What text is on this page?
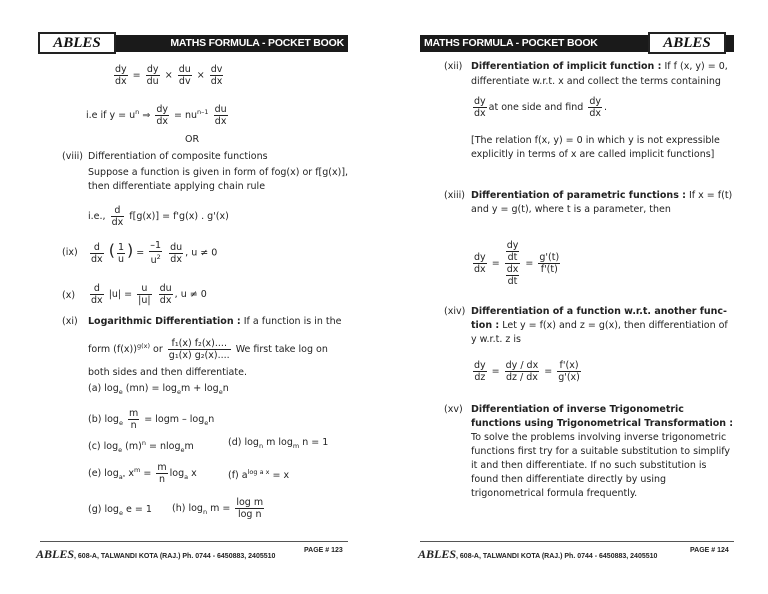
MATHS FORMULA - POCKET BOOK
ABLES
$\frac{dy}{dx} = \frac{dy}{du} \times \frac{du}{dv} \times \frac{dv}{dx}$
i.e if $y = u^n$ ⇒ $\frac{dy}{dx} = nu^{n-1} \frac{du}{dx}$
OR
(viii) Differentiation of composite functions
Suppose a function is given in form of fog(x) or f[g(x)], then differentiate applying chain rule
i.e., $\frac{d}{dx} f[g(x)] = f'g(x)$ . g'(x)
$(ix) \frac{d}{dx}$ ( $\frac{1}{u}$ ) = $\frac{-1}{u^2}$
$\frac{du}{dx}$ , u ≠ 0
$(x) \frac{d}{dx} |u| = \frac{u}{|u|}$
$\frac{du}{dx}$ , u ≠ 0
(xi) Logarithmic Differentiation : If a function is in the
form $(f(x))^{g(x)}$ or $\frac{\text{f₁(x) f₂(x)....}}{\text{g₁(x) g₂(x)....}}$ We first take log on
both sides and then differentiate.
(a) $\log_e (mn) = \log_em + \log_en$
(b) $\log_e \frac{m}{n} = \log m - \log_en$
(c) $\log_e (m)^n = nlog_em$	(d) $\log_n m$ $\log_m n = 1$
(e) $\log_{a^n} x^m = \frac{m}{n} \log_a x$	(f) $a^{log a x} = x$
(g) $\log_e e = 1$ (h) $\log_n m = \frac{\text{log m}}{\text{log n}}$
ABLES, 608-A, TALWANDI KOTA (RAJ.) Ph. 0744 - 6450883, 2405510
PAGE # 123
MATHS FORMULA - POCKET BOOK	ABLES
(xii) Differentiation of implicit function : If f (x, y) = 0,
differentiate w.r.t. x and collect the terms containing
$\frac{dy}{dx}$ at one side and find $\frac{dy}{dx}$ .
[The relation f(x, y) = 0 in which y is not expressible explicitly in terms of x are called implicit functions]
(xiii) Differentiation of parametric functions : If x = f(t)
and y = g(t), where t is a parameter, then
$\frac{dy}{dx} = \frac{\frac{dy}{dt}}{\frac{dx}{dt}} = \frac{g'(t)}{f'(t)}$
(xiv) Differentiation of a function w.r.t. another func-
tion : Let y = f(x) and z = g(x), then differentiation of y w.r.t. z is
$\frac{dy}{dz} = \frac{dy / dx}{dz / dx} = \frac{f'(x)}{g'(x)}$
(xv) Differentiation of inverse Trigonometric functions using Trigonometrical Transformation : To solve the problems involving inverse trigonometric functions first try for a suitable substitution to simplify it and then differentiate. If no such substitution is found then differentiate directly by using trigonometrical formula frequently.
ABLES, 608-A, TALWANDI KOTA (RAJ.) Ph. 0744 - 6450883, 2405510
PAGE # 124
